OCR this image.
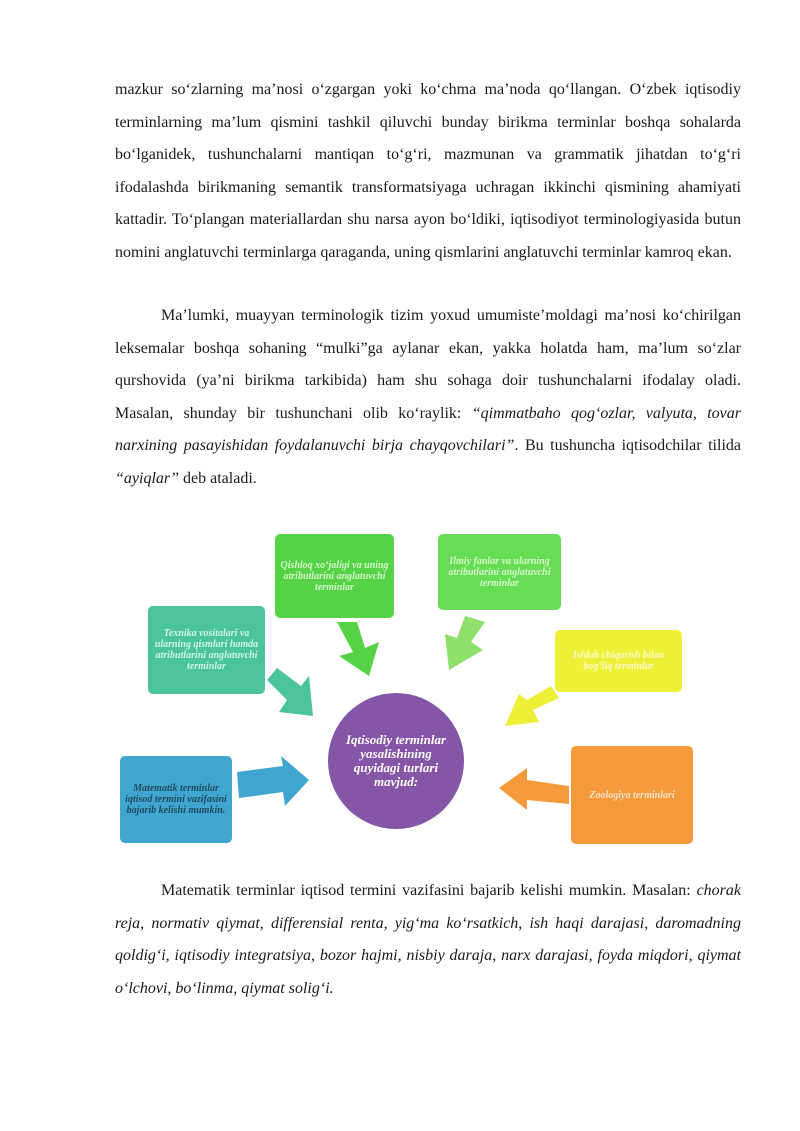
mazkur so‘zlarning ma’nosi o‘zgargan yoki ko‘chma ma’noda qo‘llangan. O‘zbek iqtisodiy terminlarning ma’lum qismini tashkil qiluvchi bunday birikma terminlar boshqa sohalarda bo‘lganidek, tushunchalarni mantiqan to‘g‘ri, mazmunan va grammatik jihatdan to‘g‘ri ifodalashda birikmaning semantik transformatsiyaga uchragan ikkinchi qismining ahamiyati kattadir. To‘plangan materiallardan shu narsa ayon bo‘ldiki, iqtisodiyot terminologiyasida butun nomini anglatuvchi terminlarga qaraganda, uning qismlarini anglatuvchi terminlar kamroq ekan.

Ma’lumki, muayyan terminologik tizim yoxud umumiste’moldagi ma’nosi ko‘chirilgan leksemalar boshqa sohaning “mulki”ga aylanar ekan, yakka holatda ham, ma’lum so‘zlar qurshovida (ya’ni birikma tarkibida) ham shu sohaga doir tushunchalarni ifodalay oladi. Masalan, shunday bir tushunchani olib ko‘raylik: “qimmatbaho qog‘ozlar, valyuta, tovar narxining pasayishidan foydalanuvchi birja chayqovchilari”. Bu tushuncha iqtisodchilar tilida “ayiqlar” deb ataladi.

Qishloq xo‘jaligi va uning atributlarini anglatuvchi terminlar
Ilmiy fanlar va ularning atributlarini anglatuvchi terminlar
Texnika vositalari va ularning qismlari hamda atributlarini anglatuvchi terminlar
Ishlab chiqarish bilan bog‘liq terminlar
Matematik terminlar iqtisod termini vazifasini bajarib kelishi mumkin.
Zoologiya terminlari
Iqtisodiy terminlar yasalishining quyidagi turlari mavjud:

Matematik terminlar iqtisod termini vazifasini bajarib kelishi mumkin. Masalan: chorak reja, normativ qiymat, differensial renta, yig‘ma ko‘rsatkich, ish haqi darajasi, daromadning qoldig‘i, iqtisodiy integratsiya, bozor hajmi, nisbiy daraja, narx darajasi, foyda miqdori, qiymat o‘lchovi, bo‘linma, qiymat solig‘i.
